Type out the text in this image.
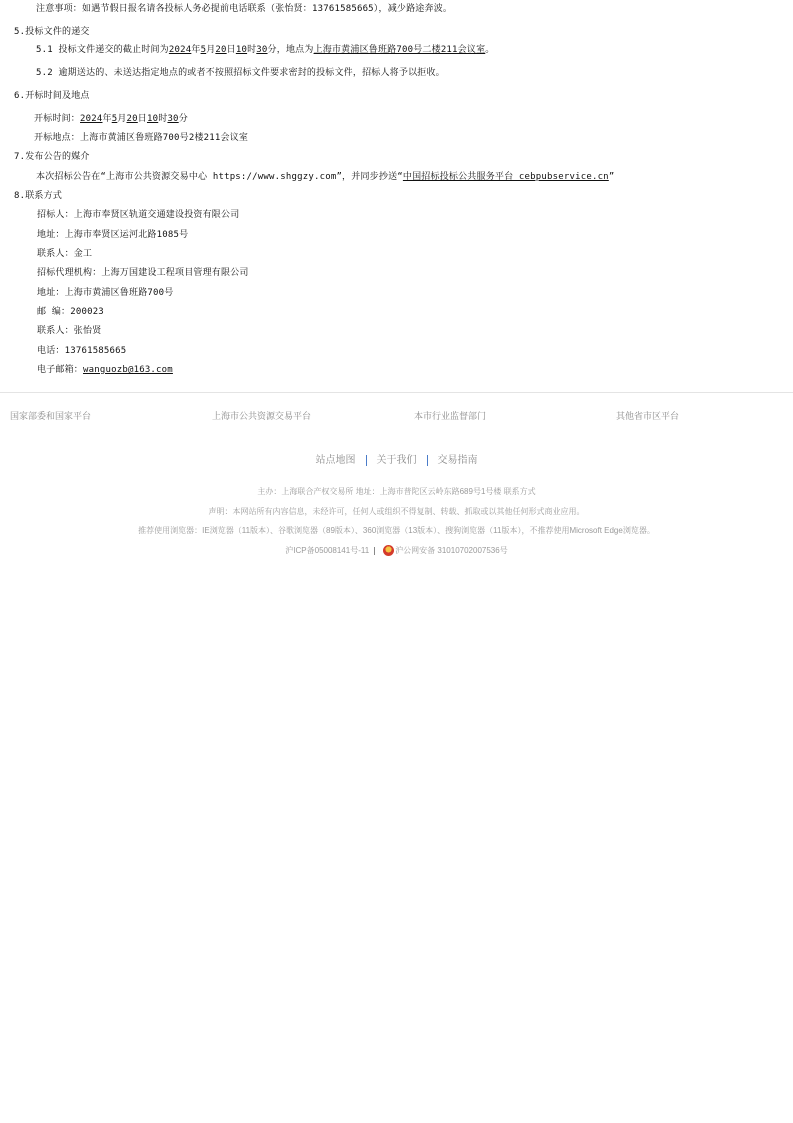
注意事项：如遇节假日报名请各投标人务必提前电话联系（张怡贤：13761585665），减少路途奔波。
5.投标文件的递交
5.1 投标文件递交的截止时间为2024年5月20日10时30分，地点为上海市黄浦区鲁班路700号二楼211会议室。
5.2 逾期送达的、未送达指定地点的或者不按照招标文件要求密封的投标文件，招标人将予以拒收。
6.开标时间及地点
开标时间：2024年5月20日10时30分
开标地点：上海市黄浦区鲁班路700号2楼211会议室
7.发布公告的媒介
本次招标公告在“上海市公共资源交易中心 https://www.shggzy.com”，并同步抄送“中国招标投标公共服务平台 cebpubservice.cn”
8.联系方式
招标人：上海市奉贤区轨道交通建设投资有限公司
地址：上海市奉贤区运河北路1085号
联系人：金工
招标代理机构：上海万国建设工程项目管理有限公司
地址：上海市黄浦区鲁班路700号
邮 编：200023
联系人：张怡贤
电话：13761585665
电子邮箱：wanguozb@163.com
国家部委和国家平台	上海市公共资源交易平台	本市行业监督部门	其他省市区平台
站点地图 关于我们 交易指南
主办：上海联合产权交易所 地址：上海市普陀区云岭东路689号1号楼 联系方式
声明：本网站所有内容信息，未经许可，任何人或组织不得复制、转载、抓取或以其他任何形式商业应用。
推荐使用浏览器：IE浏览器（11版本）、谷歌浏览器（89版本）、360浏览器（13版本）、搜狗浏览器（11版本），不推荐使用Microsoft Edge浏览器。
沪ICP备05008141号-11	沪公网安备 31010702007536号
